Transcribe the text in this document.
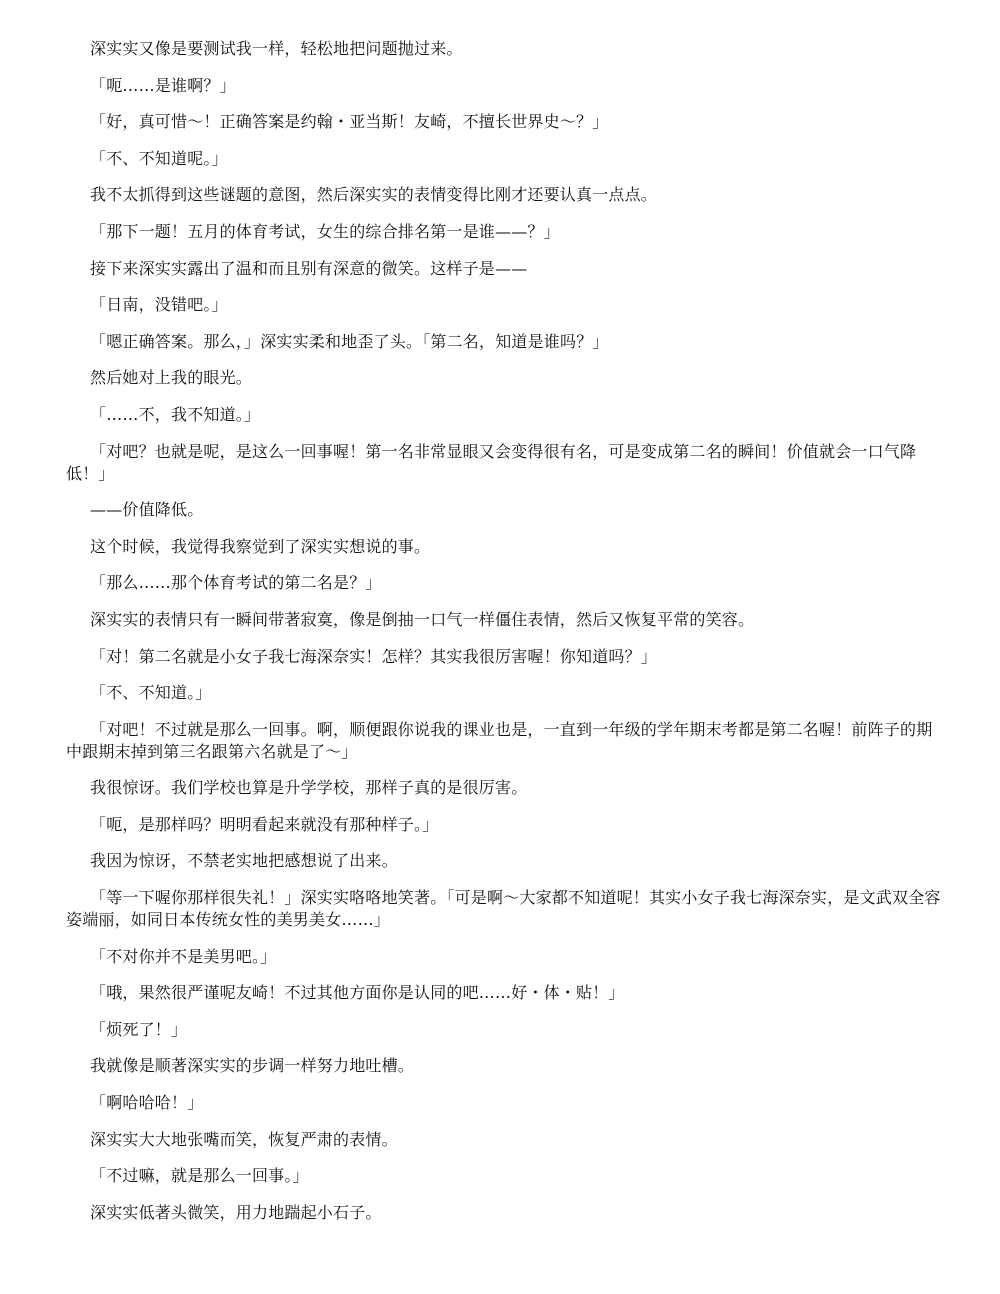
深实实又像是要测试我一样，轻松地把问题抛过来。

「呃……是谁啊？」

「好，真可惜～！正确答案是约翰・亚当斯！友崎，不擅长世界史～？」

「不、不知道呢。」

我不太抓得到这些谜题的意图，然后深实实的表情变得比刚才还要认真一点点。

「那下一题！五月的体育考试，女生的综合排名第一是谁——？」

接下来深实实露出了温和而且别有深意的微笑。这样子是——

「日南，没错吧。」

「嗯正确答案。那么，」深实实柔和地歪了头。「第二名，知道是谁吗？」

然后她对上我的眼光。

「……不，我不知道。」

「对吧？也就是呢，是这么一回事喔！第一名非常显眼又会变得很有名，可是变成第二名的瞬间！价值就会一口气降低！」

——价值降低。

这个时候，我觉得我察觉到了深实实想说的事。

「那么……那个体育考试的第二名是？」

深实实的表情只有一瞬间带著寂寞，像是倒抽一口气一样僵住表情，然后又恢复平常的笑容。

「对！第二名就是小女子我七海深奈实！怎样？其实我很厉害喔！你知道吗？」

「不、不知道。」

「对吧！不过就是那么一回事。啊，顺便跟你说我的课业也是，一直到一年级的学年期末考都是第二名喔！前阵子的期中跟期末掉到第三名跟第六名就是了～」

我很惊讶。我们学校也算是升学学校，那样子真的是很厉害。

「呃，是那样吗？明明看起来就没有那种样子。」

我因为惊讶，不禁老实地把感想说了出来。

「等一下喔你那样很失礼！」深实实咯咯地笑著。「可是啊～大家都不知道呢！其实小女子我七海深奈实，是文武双全容姿端丽，如同日本传统女性的美男美女……」

「不对你并不是美男吧。」

「哦，果然很严谨呢友崎！不过其他方面你是认同的吧……好・体・贴！」

「烦死了！」

我就像是顺著深实实的步调一样努力地吐槽。

「啊哈哈哈！」

深实实大大地张嘴而笑，恢复严肃的表情。

「不过嘛，就是那么一回事。」

深实实低著头微笑，用力地踹起小石子。
